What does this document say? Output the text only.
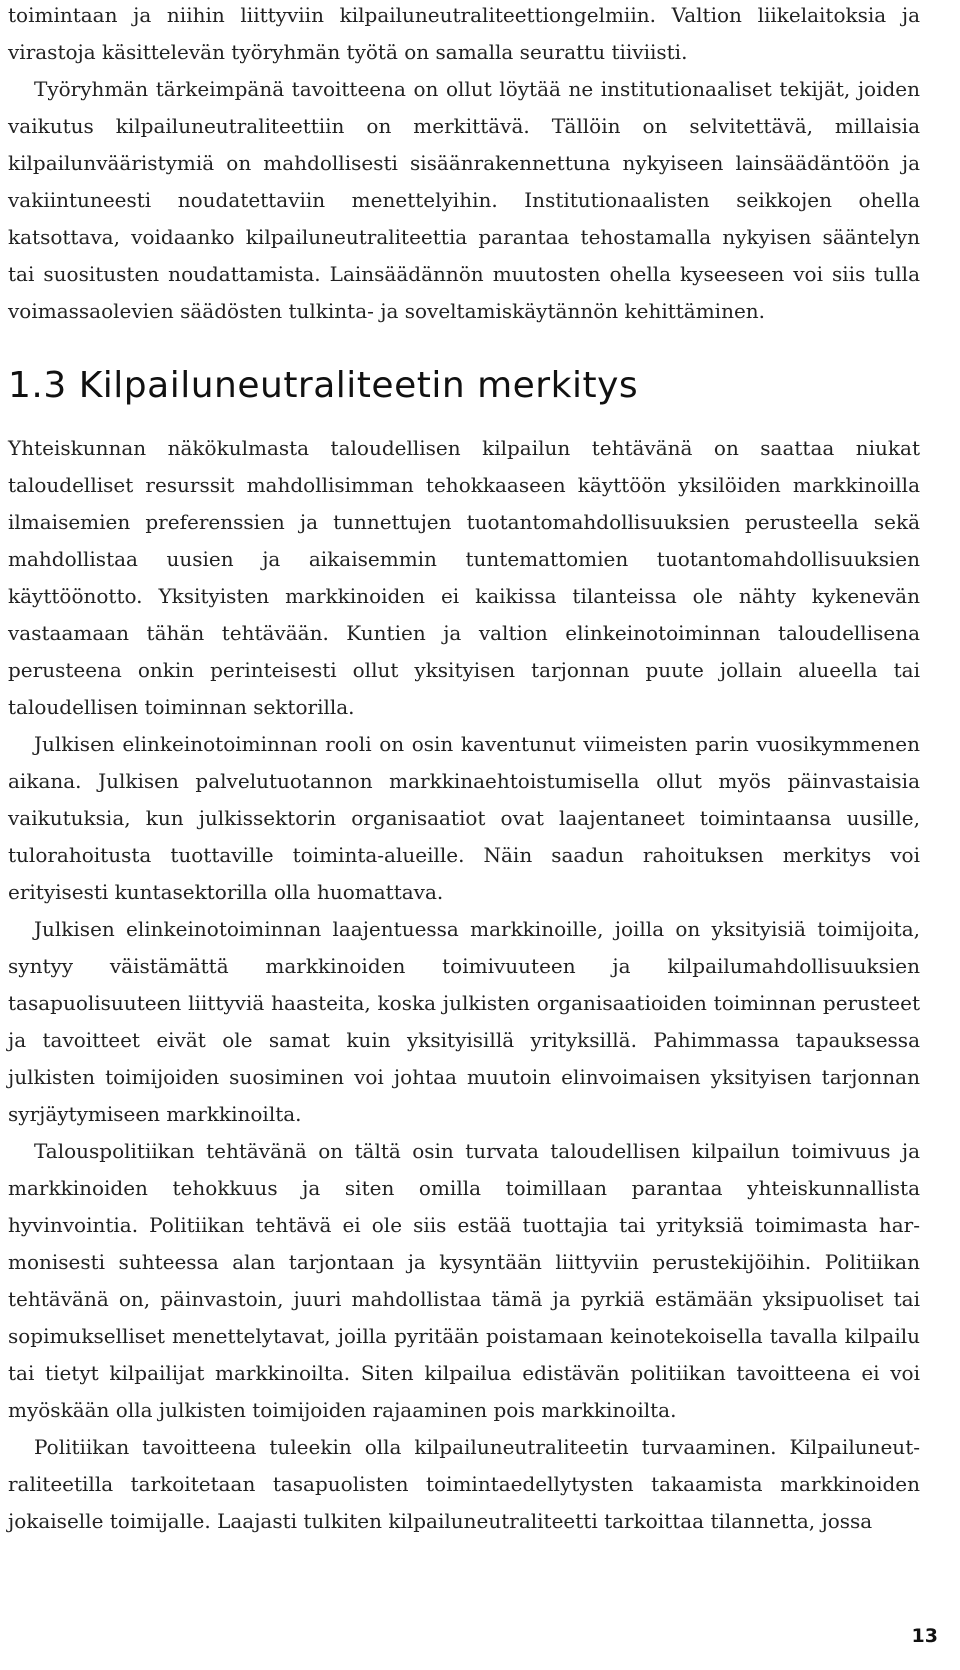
toimintaan ja niihin liittyviin kilpailuneutraliteettiongelmiin. Valtion liikelaitoksia ja virastoja käsittelevän työryhmän työtä on samalla seurattu tiiviisti.

Työryhmän tärkeimpänä tavoitteena on ollut löytää ne institutionaaliset tekijät, joiden vaikutus kilpailuneutraliteettiin on merkittävä. Tällöin on selvitettävä, millaisia kilpailunvääristymiä on mahdollisesti sisäänrakennettuna nykyiseen lainsäädäntöön ja vakiintuneesti noudatettaviin menettelyihin. Institutionaalisten seikkojen ohella katsottava, voidaanko kilpailuneutraliteettia parantaa tehostamalla nykyisen sääntelyn tai suositusten noudattamista. Lainsäädännön muutosten ohella kyseeseen voi siis tulla voimassaolevien säädösten tulkinta- ja soveltamiskäytännön kehittäminen.

1.3 Kilpailuneutraliteetin merkitys

Yhteiskunnan näkökulmasta taloudellisen kilpailun tehtävänä on saattaa niukat taloudelliset resurssit mahdollisimman tehokkaaseen käyttöön yksilöiden markkinoilla ilmaisemien preferenssien ja tunnettujen tuotantomahdollisuuksien perusteella sekä mahdollistaa uusien ja aikaisemmin tuntemattomien tuotantomahdollisuuksien käyttöönotto. Yksityisten markkinoiden ei kaikissa tilanteissa ole nähty kykenevän vastaamaan tähän tehtävään. Kuntien ja valtion elinkeinotoiminnan taloudellisena perusteena onkin perinteisesti ollut yksityisen tarjonnan puute jollain alueella tai taloudellisen toiminnan sektorilla.

Julkisen elinkeinotoiminnan rooli on osin kaventunut viimeisten parin vuosikymmenen aikana. Julkisen palvelutuotannon markkinaehtoistumisella ollut myös päinvastaisia vaikutuksia, kun julkissektorin organisaatiot ovat laajentaneet toimintaansa uusille, tulorahoitusta tuottaville toiminta-alueille. Näin saadun rahoituksen merkitys voi erityisesti kuntasektorilla olla huomattava.

Julkisen elinkeinotoiminnan laajentuessa markkinoille, joilla on yksityisiä toimijoita, syntyy väistämättä markkinoiden toimivuuteen ja kilpailumahdollisuuksien tasapuolisuuteen liittyviä haasteita, koska julkisten organisaatioiden toiminnan perusteet ja tavoitteet eivät ole samat kuin yksityisillä yrityksillä. Pahimmassa tapauksessa julkisten toimijoiden suosiminen voi johtaa muutoin elinvoimaisen yksityisen tarjonnan syrjäytymiseen markkinoilta.

Talouspolitiikan tehtävänä on tältä osin turvata taloudellisen kilpailun toimivuus ja markkinoiden tehokkuus ja siten omilla toimillaan parantaa yhteiskunnallista hyvinvointia. Politiikan tehtävä ei ole siis estää tuottajia tai yrityksiä toimimasta harmonisesti suhteessa alan tarjontaan ja kysyntään liittyviin perustekijöihin. Politiikan tehtävänä on, päinvastoin, juuri mahdollistaa tämä ja pyrkiä estämään yksipuoliset tai sopimukselliset menettelytavat, joilla pyritään poistamaan keinotekoisella tavalla kilpailu tai tietyt kilpailijat markkinoilta. Siten kilpailua edistävän politiikan tavoitteena ei voi myöskään olla julkisten toimijoiden rajaaminen pois markkinoilta.

Politiikan tavoitteena tuleekin olla kilpailuneutraliteetin turvaaminen. Kilpailuneutraliteetilla tarkoitetaan tasapuolisten toimintaedellytysten takaamista markkinoiden jokaiselle toimijalle. Laajasti tulkiten kilpailuneutraliteetti tarkoittaa tilannetta, jossa

13
